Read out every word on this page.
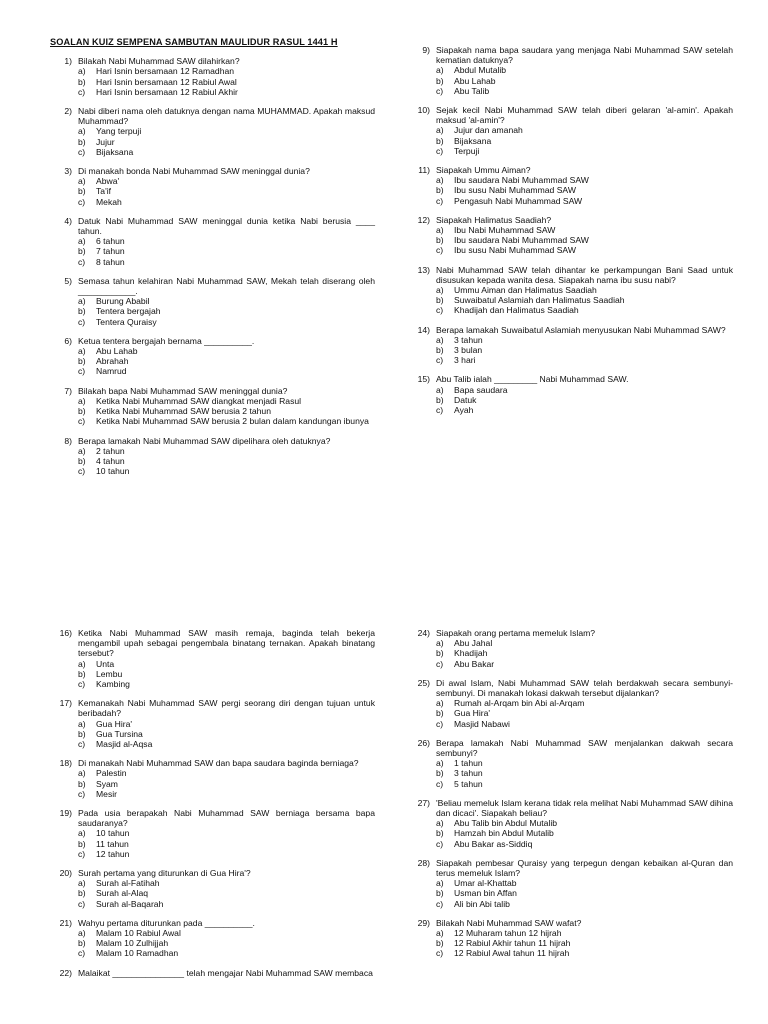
SOALAN KUIZ SEMPENA SAMBUTAN MAULIDUR RASUL 1441 H
1) Bilakah Nabi Muhammad SAW dilahirkan?
a)	Hari Isnin bersamaan 12 Ramadhan
b)	Hari Isnin bersamaan 12 Rabiul Awal
c)	Hari Isnin bersamaan 12 Rabiul Akhir
2) Nabi diberi nama oleh datuknya dengan nama MUHAMMAD. Apakah maksud Muhammad?
a)	Yang terpuji
b)	Jujur
c)	Bijaksana
3) Di manakah bonda Nabi Muhammad SAW meninggal dunia?
a)	Abwa'
b)	Ta'if
c)	Mekah
4) Datuk Nabi Muhammad SAW meninggal dunia ketika Nabi berusia ____ tahun.
a)	6 tahun
b)	7 tahun
c)	8 tahun
5) Semasa tahun kelahiran Nabi Muhammad SAW, Mekah telah diserang oleh ____________.
a)	Burung Ababil
b)	Tentera bergajah
c)	Tentera Quraisy
6) Ketua tentera bergajah bernama __________.
a)	Abu Lahab
b)	Abrahah
c)	Namrud
7) Bilakah bapa Nabi Muhammad SAW meninggal dunia?
a)	Ketika Nabi Muhammad SAW diangkat menjadi Rasul
b)	Ketika Nabi Muhammad SAW berusia 2 tahun
c)	Ketika Nabi Muhammad SAW berusia 2 bulan dalam kandungan ibunya
8) Berapa lamakah Nabi Muhammad SAW dipelihara oleh datuknya?
a)	2 tahun
b)	4 tahun
c)	10 tahun
9) Siapakah nama bapa saudara yang menjaga Nabi Muhammad SAW setelah kematian datuknya?
a)	Abdul Mutalib
b)	Abu Lahab
c)	Abu Talib
10) Sejak kecil Nabi Muhammad SAW telah diberi gelaran 'al-amin'. Apakah maksud 'al-amin'?
a)	Jujur dan amanah
b)	Bijaksana
c)	Terpuji
11) Siapakah Ummu Aiman?
a)	Ibu saudara Nabi Muhammad SAW
b)	Ibu susu Nabi Muhammad SAW
c)	Pengasuh Nabi Muhammad SAW
12) Siapakah Halimatus Saadiah?
a)	Ibu Nabi Muhammad SAW
b)	Ibu saudara Nabi Muhammad SAW
c)	Ibu susu Nabi Muhammad SAW
13) Nabi Muhammad SAW telah dihantar ke perkampungan Bani Saad untuk disusukan kepada wanita desa. Siapakah nama ibu susu nabi?
a)	Ummu Aiman dan Halimatus Saadiah
b)	Suwaibatul Aslamiah dan Halimatus Saadiah
c)	Khadijah dan Halimatus Saadiah
14) Berapa lamakah Suwaibatul Aslamiah menyusukan Nabi Muhammad SAW?
a)	3 tahun
b)	3 bulan
c)	3 hari
15) Abu Talib ialah _________ Nabi Muhammad SAW.
a)	Bapa saudara
b)	Datuk
c)	Ayah
16) Ketika Nabi Muhammad SAW masih remaja, baginda telah bekerja mengambil upah sebagai pengembala binatang ternakan. Apakah binatang tersebut?
a)	Unta
b)	Lembu
c)	Kambing
17) Kemanakah Nabi Muhammad SAW pergi seorang diri dengan tujuan untuk beribadah?
a)	Gua Hira'
b)	Gua Tursina
c)	Masjid al-Aqsa
18) Di manakah Nabi Muhammad SAW dan bapa saudara baginda berniaga?
a)	Palestin
b)	Syam
c)	Mesir
19) Pada usia berapakah Nabi Muhammad SAW berniaga bersama bapa saudaranya?
a)	10 tahun
b)	11 tahun
c)	12 tahun
20) Surah pertama yang diturunkan di Gua Hira'?
a)	Surah al-Fatihah
b)	Surah al-Alaq
c)	Surah al-Baqarah
21) Wahyu pertama diturunkan pada __________.
a)	Malam 10 Rabiul Awal
b)	Malam 10 Zulhijjah
c)	Malam 10 Ramadhan
22) Malaikat _______________ telah mengajar Nabi Muhammad SAW membaca
24) Siapakah orang pertama memeluk Islam?
a)	Abu Jahal
b)	Khadijah
c)	Abu Bakar
25) Di awal Islam, Nabi Muhammad SAW telah berdakwah secara sembunyi-sembunyi. Di manakah lokasi dakwah tersebut dijalankan?
a)	Rumah al-Arqam bin Abi al-Arqam
b)	Gua Hira'
c)	Masjid Nabawi
26) Berapa lamakah Nabi Muhammad SAW menjalankan dakwah secara sembunyi?
a)	1 tahun
b)	3 tahun
c)	5 tahun
27) 'Beliau memeluk Islam kerana tidak rela melihat Nabi Muhammad SAW dihina dan dicaci'. Siapakah beliau?
a)	Abu Talib bin Abdul Mutalib
b)	Hamzah bin Abdul Mutalib
c)	Abu Bakar as-Siddiq
28) Siapakah pembesar Quraisy yang terpegun dengan kebaikan al-Quran dan terus memeluk Islam?
a)	Umar al-Khattab
b)	Usman bin Affan
c)	Ali bin Abi talib
29) Bilakah Nabi Muhammad SAW wafat?
a)	12 Muharam tahun 12 hijrah
b)	12 Rabiul Akhir tahun 11 hijrah
c)	12 Rabiul Awal tahun 11 hijrah
